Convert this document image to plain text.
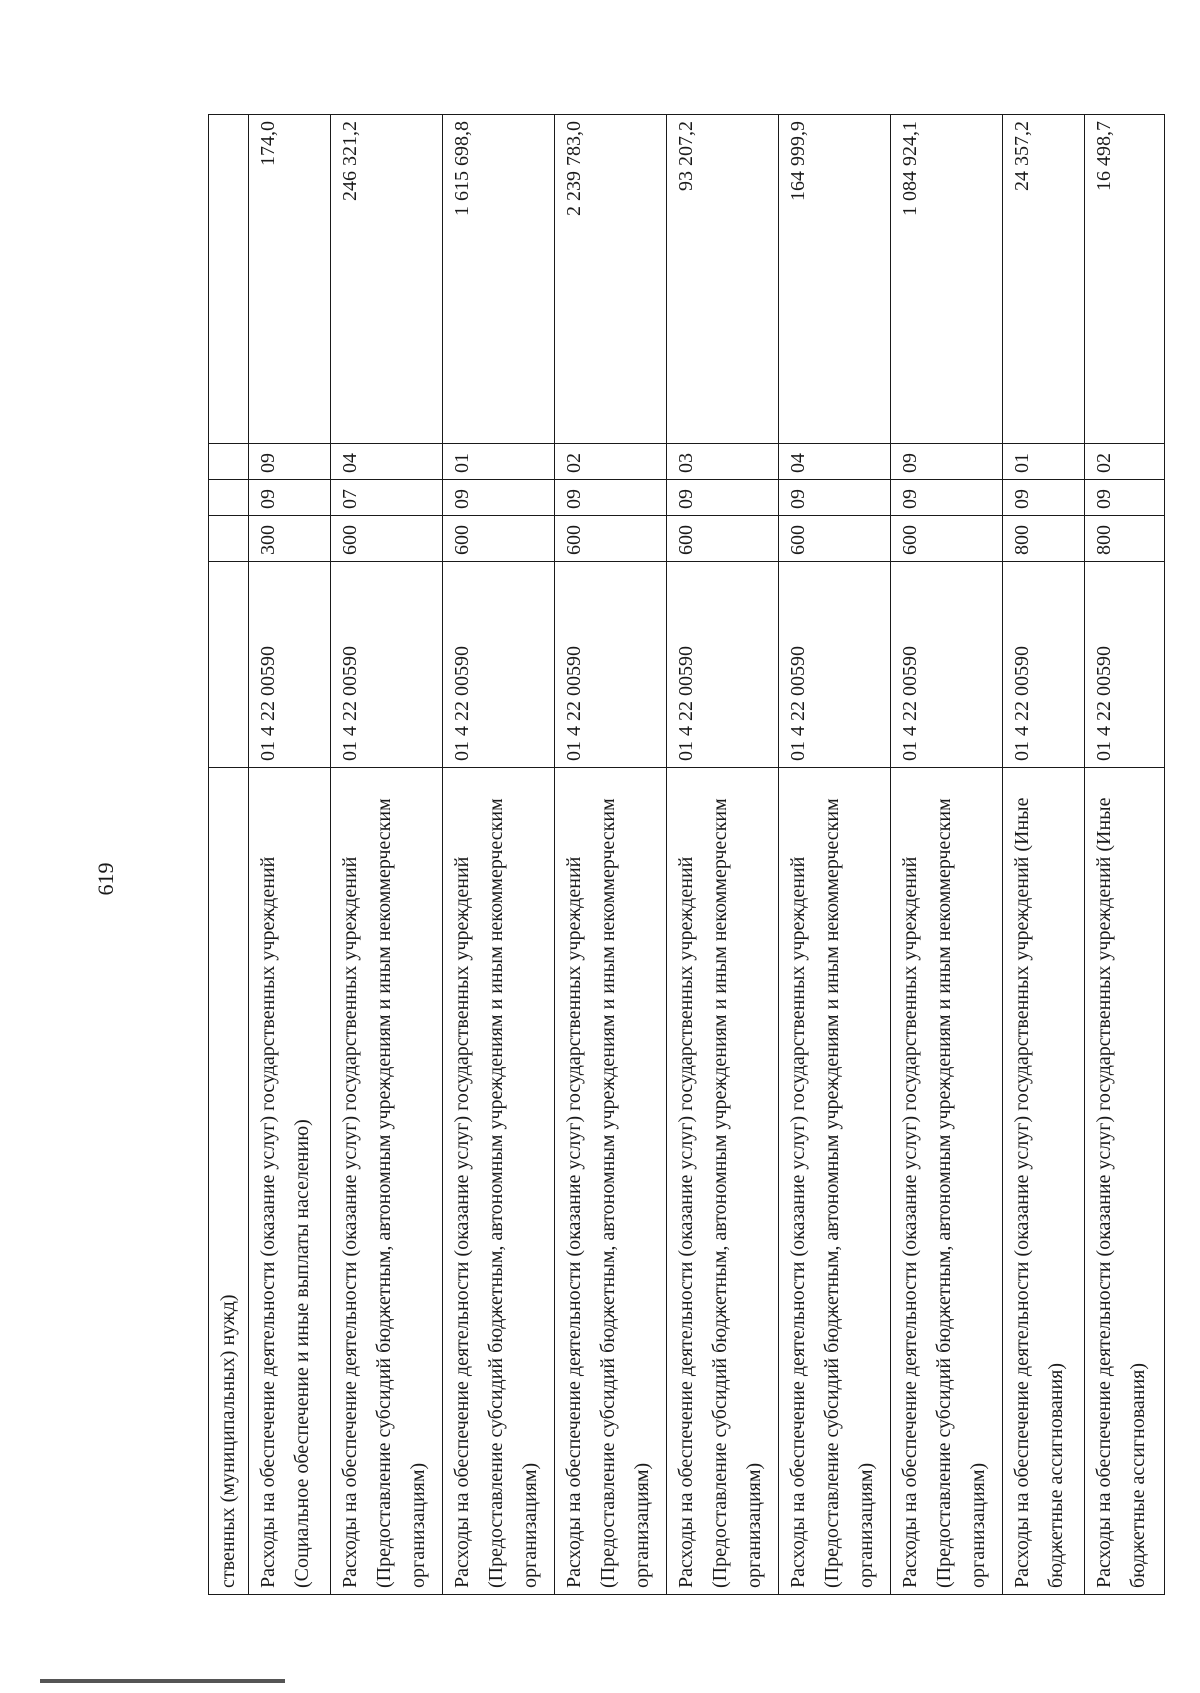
619
ственных (муниципальных) нужд)					
Расходы на обеспечение деятельности (оказание услуг) государственных учреждений (Социальное обеспечение и иные выплаты населению)	01 4 22 00590	300	09	09	174,0
Расходы на обеспечение деятельности (оказание услуг) государственных учреждений (Предоставление субсидий бюджетным, автономным учреждениям и иным некоммерческим организациям)	01 4 22 00590	600	07	04	246 321,2
Расходы на обеспечение деятельности (оказание услуг) государственных учреждений (Предоставление субсидий бюджетным, автономным учреждениям и иным некоммерческим организациям)	01 4 22 00590	600	09	01	1 615 698,8
Расходы на обеспечение деятельности (оказание услуг) государственных учреждений (Предоставление субсидий бюджетным, автономным учреждениям и иным некоммерческим организациям)	01 4 22 00590	600	09	02	2 239 783,0
Расходы на обеспечение деятельности (оказание услуг) государственных учреждений (Предоставление субсидий бюджетным, автономным учреждениям и иным некоммерческим организациям)	01 4 22 00590	600	09	03	93 207,2
Расходы на обеспечение деятельности (оказание услуг) государственных учреждений (Предоставление субсидий бюджетным, автономным учреждениям и иным некоммерческим организациям)	01 4 22 00590	600	09	04	164 999,9
Расходы на обеспечение деятельности (оказание услуг) государственных учреждений (Предоставление субсидий бюджетным, автономным учреждениям и иным некоммерческим организациям)	01 4 22 00590	600	09	09	1 084 924,1
Расходы на обеспечение деятельности (оказание услуг) государственных учреждений (Иные бюджетные ассигнования)	01 4 22 00590	800	09	01	24 357,2
Расходы на обеспечение деятельности (оказание услуг) государственных учреждений (Иные бюджетные ассигнования)	01 4 22 00590	800	09	02	16 498,7
